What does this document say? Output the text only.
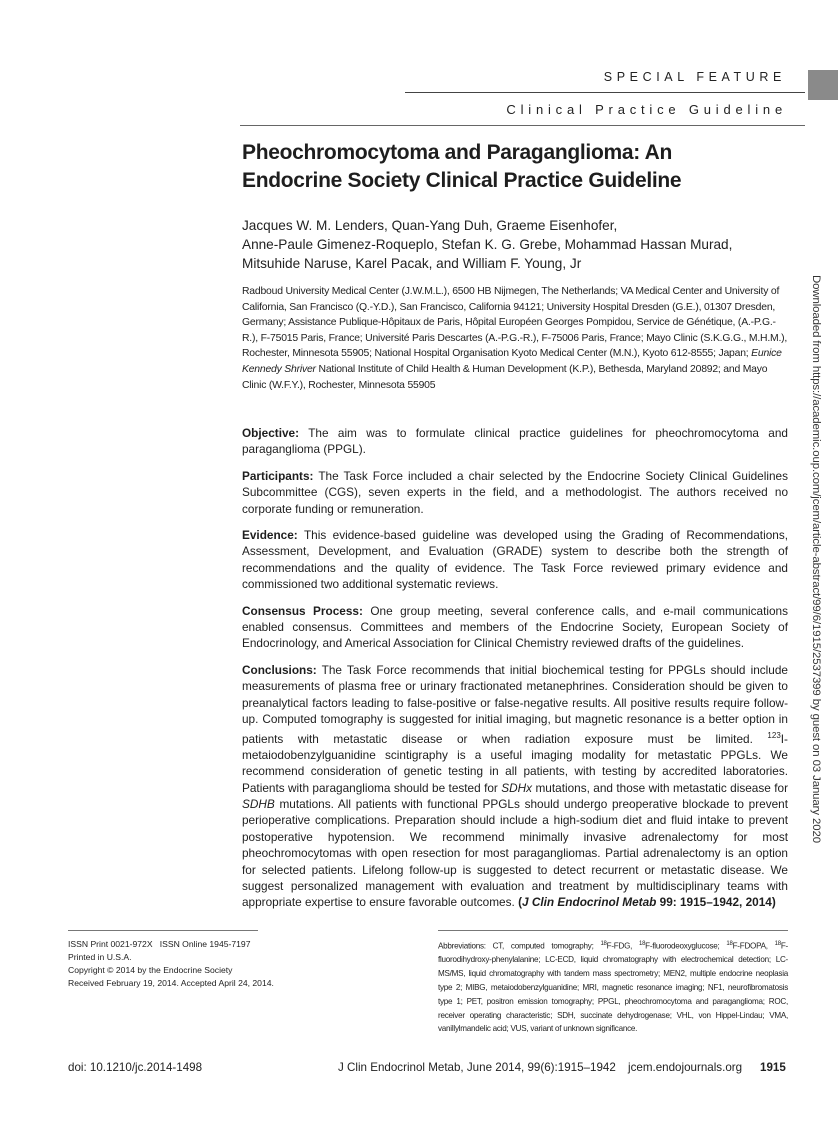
SPECIAL FEATURE
Clinical Practice Guideline
Pheochromocytoma and Paraganglioma: An
Endocrine Society Clinical Practice Guideline
Jacques W. M. Lenders, Quan-Yang Duh, Graeme Eisenhofer,
Anne-Paule Gimenez-Roqueplo, Stefan K. G. Grebe, Mohammad Hassan Murad,
Mitsuhide Naruse, Karel Pacak, and William F. Young, Jr
Radboud University Medical Center (J.W.M.L.), 6500 HB Nijmegen, The Netherlands; VA Medical Center and University of California, San Francisco (Q.-Y.D.), San Francisco, California 94121; University Hospital Dresden (G.E.), 01307 Dresden, Germany; Assistance Publique-Hôpitaux de Paris, Hôpital Européen Georges Pompidou, Service de Génétique, (A.-P.G.-R.), F-75015 Paris, France; Université Paris Descartes (A.-P.G.-R.), F-75006 Paris, France; Mayo Clinic (S.K.G.G., M.H.M.), Rochester, Minnesota 55905; National Hospital Organisation Kyoto Medical Center (M.N.), Kyoto 612-8555; Japan; Eunice Kennedy Shriver National Institute of Child Health & Human Development (K.P.), Bethesda, Maryland 20892; and Mayo Clinic (W.F.Y.), Rochester, Minnesota 55905

Objective: The aim was to formulate clinical practice guidelines for pheochromocytoma and paraganglioma (PPGL).

Participants: The Task Force included a chair selected by the Endocrine Society Clinical Guidelines Subcommittee (CGS), seven experts in the field, and a methodologist. The authors received no corporate funding or remuneration.

Evidence: This evidence-based guideline was developed using the Grading of Recommendations, Assessment, Development, and Evaluation (GRADE) system to describe both the strength of recommendations and the quality of evidence. The Task Force reviewed primary evidence and commissioned two additional systematic reviews.

Consensus Process: One group meeting, several conference calls, and e-mail communications enabled consensus. Committees and members of the Endocrine Society, European Society of Endocrinology, and Americal Association for Clinical Chemistry reviewed drafts of the guidelines.

Conclusions: The Task Force recommends that initial biochemical testing for PPGLs should include measurements of plasma free or urinary fractionated metanephrines. Consideration should be given to preanalytical factors leading to false-positive or false-negative results. All positive results require follow-up. Computed tomography is suggested for initial imaging, but magnetic resonance is a better option in patients with metastatic disease or when radiation exposure must be limited. $^{123}$I-metaiodobenzylguanidine scintigraphy is a useful imaging modality for metastatic PPGLs. We recommend consideration of genetic testing in all patients, with testing by accredited laboratories. Patients with paraganglioma should be tested for SDHx mutations, and those with metastatic disease for SDHB mutations. All patients with functional PPGLs should undergo preoperative blockade to prevent perioperative complications. Preparation should include a high-sodium diet and fluid intake to prevent postoperative hypotension. We recommend minimally invasive adrenalectomy for most pheochromocytomas with open resection for most paragangliomas. Partial adrenalectomy is an option for selected patients. Lifelong follow-up is suggested to detect recurrent or metastatic disease. We suggest personalized management with evaluation and treatment by multidisciplinary teams with appropriate expertise to ensure favorable outcomes. (J Clin Endocrinol Metab 99: 1915–1942, 2014)

Downloaded from https://academic.oup.com/jcem/article-abstract/99/6/1915/2537399 by guest on 03 January 2020
ISSN Print 0021-972X   ISSN Online 1945-7197
Printed in U.S.A.
Copyright © 2014 by the Endocrine Society
Received February 19, 2014. Accepted April 24, 2014.
Abbreviations: CT, computed tomography; $^{18}$F-FDG, $^{18}$F-fluorodeoxyglucose; $^{18}$F-FDOPA, $^{18}$F-fluorodihydroxy-phenylalanine; LC-ECD, liquid chromatography with electrochemical detection; LC-MS/MS, liquid chromatography with tandem mass spectrometry; MEN2, multiple endocrine neoplasia type 2; MIBG, metaiodobenzylguanidine; MRI, magnetic resonance imaging; NF1, neurofibromatosis type 1; PET, positron emission tomography; PPGL, pheochromocytoma and paraganglioma; ROC, receiver operating characteristic; SDH, succinate dehydrogenase; VHL, von Hippel-Lindau; VMA, vanillylmandelic acid; VUS, variant of unknown significance.
doi: 10.1210/jc.2014-1498	J Clin Endocrinol Metab, June 2014, 99(6):1915–1942 jcem.endojournals.org 1915
